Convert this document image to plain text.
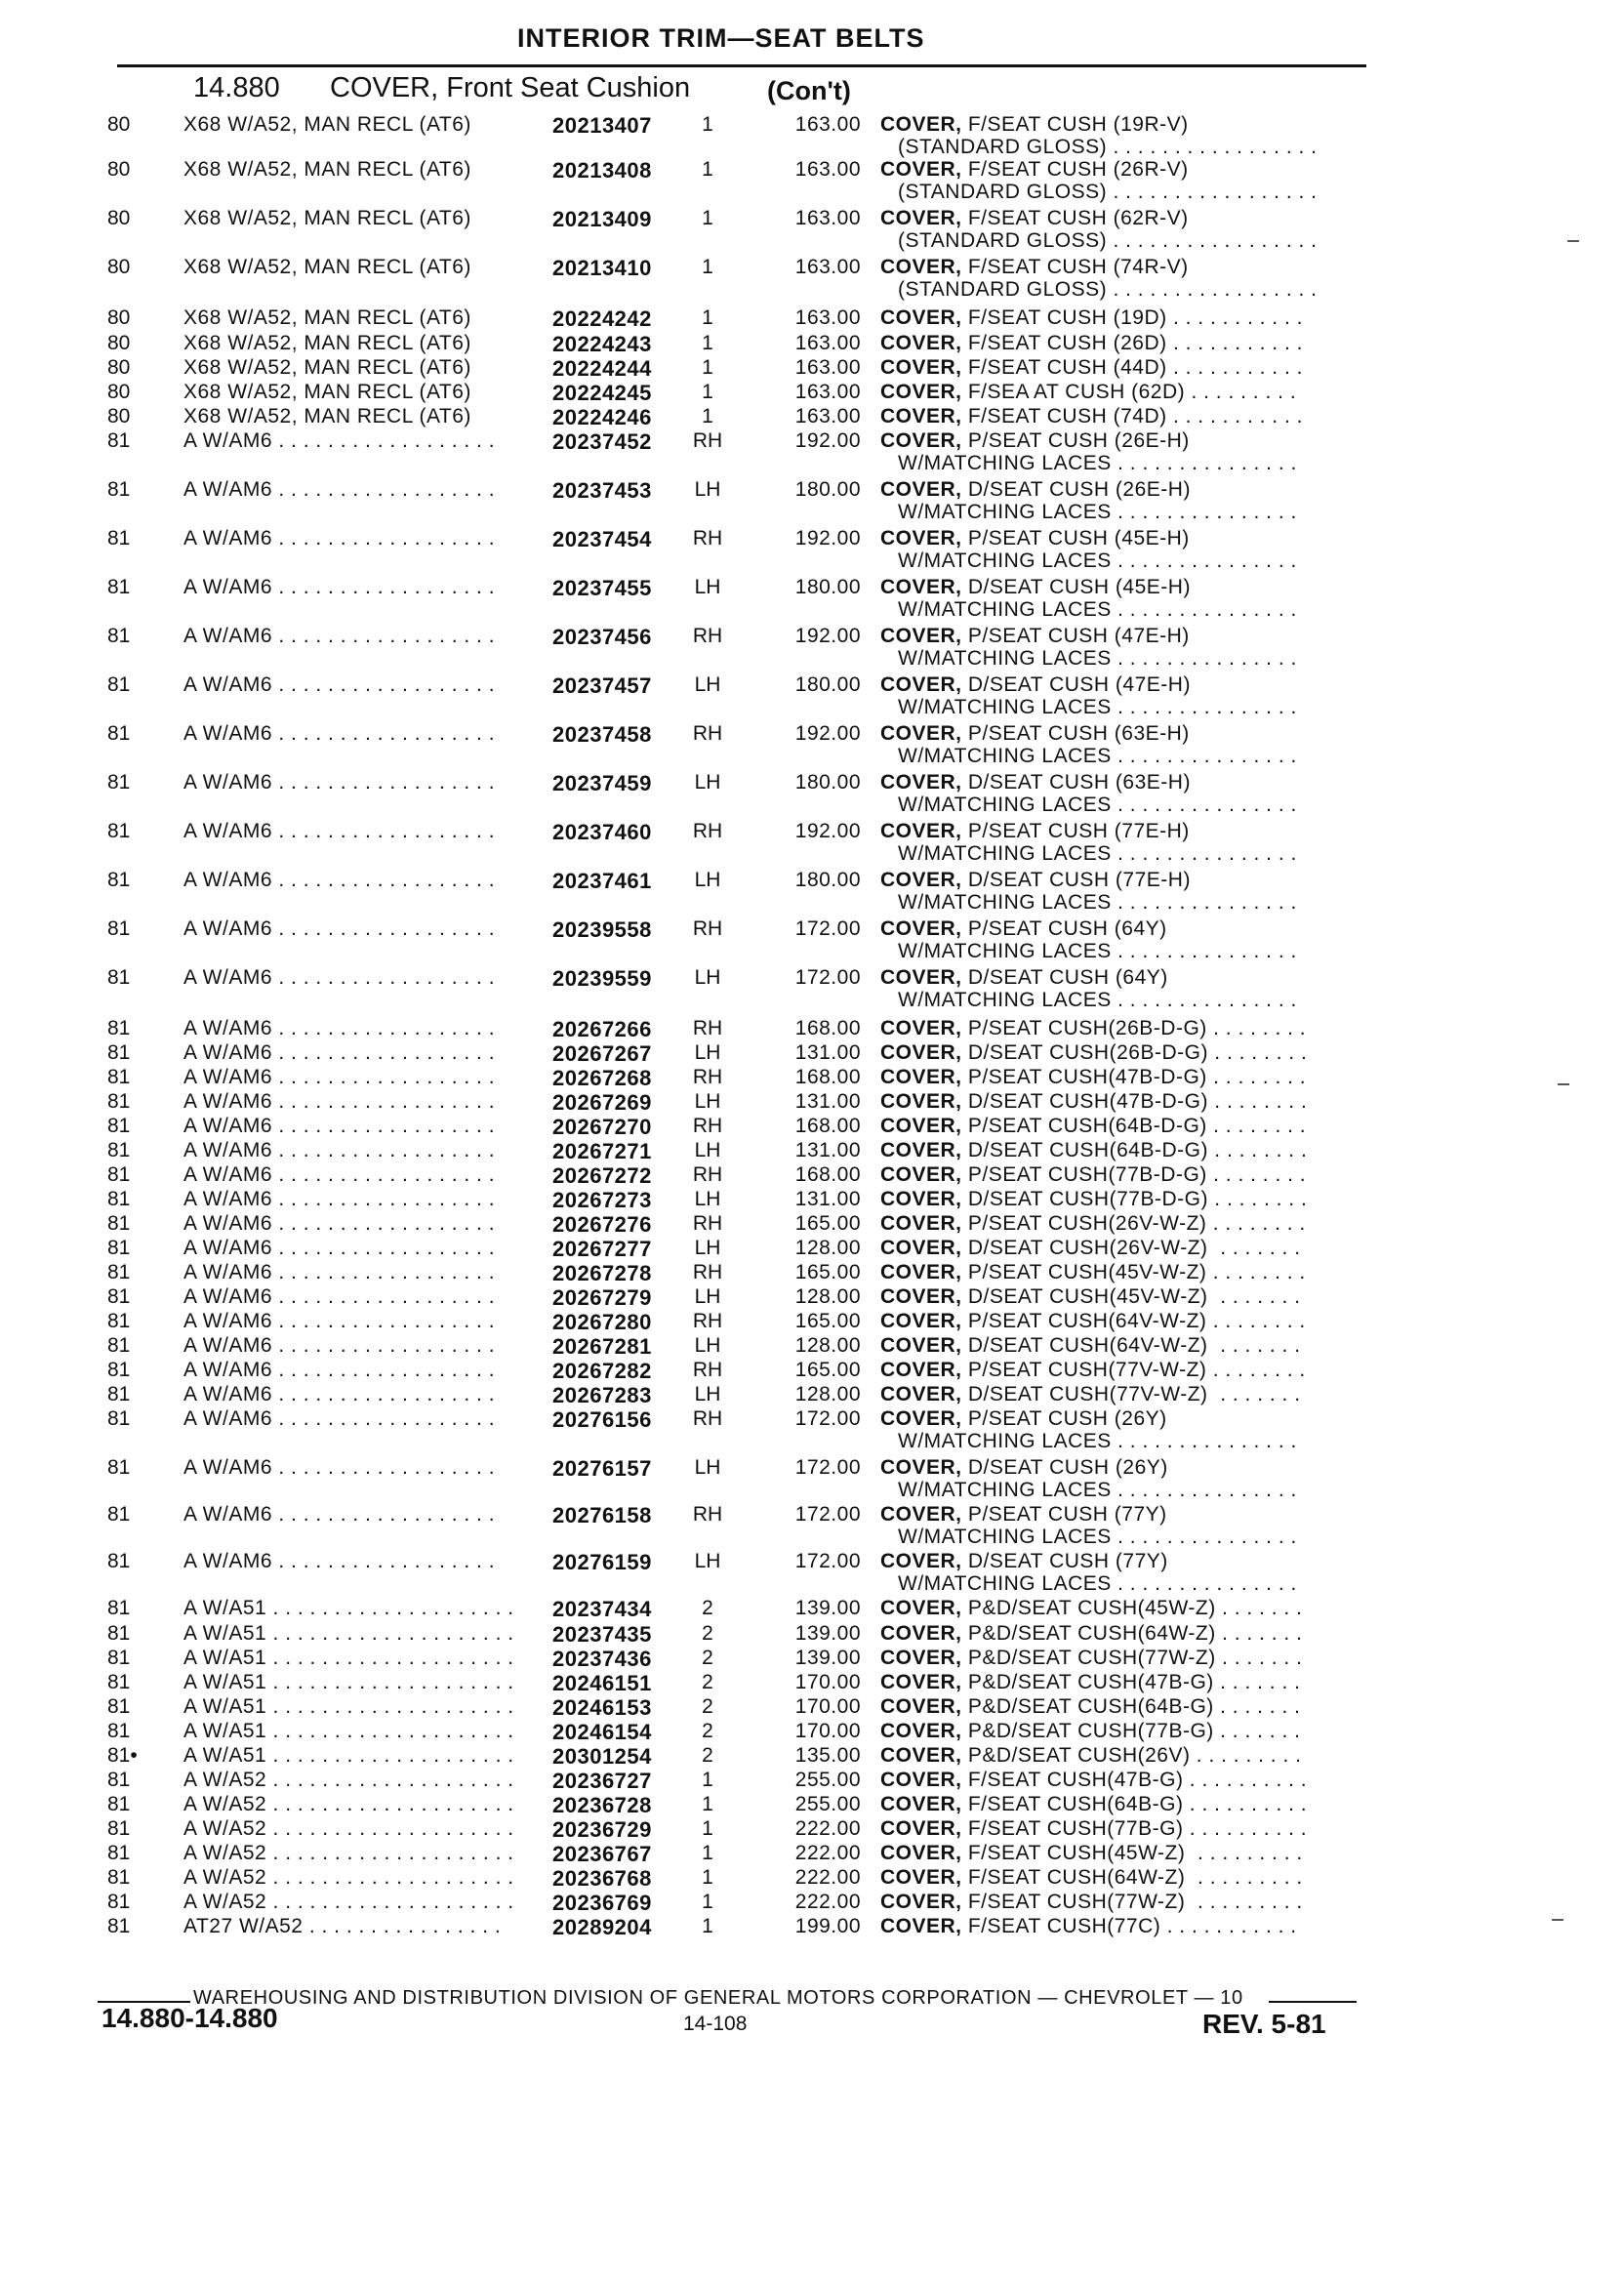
INTERIOR TRIM—SEAT BELTS
14.880 COVER, Front Seat Cushion	(Con't)
80	X68 W/A52, MAN RECL (AT6)	20213407	1	163.00 COVER, F/SEAT CUSH (19R-V)
(STANDARD GLOSS) . . . . . . . . . . . . . . . . .
80	X68 W/A52, MAN RECL (AT6)	20213408	1	163.00 COVER, F/SEAT CUSH (26R-V)
(STANDARD GLOSS) . . . . . . . . . . . . . . . . .
80	X68 W/A52, MAN RECL (AT6)	20213409	1	163.00 COVER, F/SEAT CUSH (62R-V)
(STANDARD GLOSS) . . . . . . . . . . . . . . . . .
80	X68 W/A52, MAN RECL (AT6)	20213410	1	163.00 COVER, F/SEAT CUSH (74R-V)
(STANDARD GLOSS) . . . . . . . . . . . . . . . . .
80	X68 W/A52, MAN RECL (AT6)	20224242	1	163.00 COVER, F/SEAT CUSH (19D) . . . . . . . . . . .
80	X68 W/A52, MAN RECL (AT6)	20224243	1	163.00 COVER, F/SEAT CUSH (26D) . . . . . . . . . . .
80	X68 W/A52, MAN RECL (AT6)	20224244	1	163.00 COVER, F/SEAT CUSH (44D) . . . . . . . . . . .
80	X68 W/A52, MAN RECL (AT6)	20224245	1	163.00 COVER, F/SEA AT CUSH (62D) . . . . . . . . .
80	X68 W/A52, MAN RECL (AT6)	20224246	1	163.00 COVER, F/SEAT CUSH (74D) . . . . . . . . . . .
81	A W/AM6 . . . . . . . . . . . . . . . . . .	20237452	RH	192.00 COVER, P/SEAT CUSH (26E-H)
W/MATCHING LACES . . . . . . . . . . . . . . .
81	A W/AM6 . . . . . . . . . . . . . . . . . .	20237453	LH	180.00 COVER, D/SEAT CUSH (26E-H)
W/MATCHING LACES . . . . . . . . . . . . . . .
81	A W/AM6 . . . . . . . . . . . . . . . . . .	20237454	RH	192.00 COVER, P/SEAT CUSH (45E-H)
W/MATCHING LACES . . . . . . . . . . . . . . .
81	A W/AM6 . . . . . . . . . . . . . . . . . .	20237455	LH	180.00 COVER, D/SEAT CUSH (45E-H)
W/MATCHING LACES . . . . . . . . . . . . . . .
81	A W/AM6 . . . . . . . . . . . . . . . . . .	20237456	RH	192.00 COVER, P/SEAT CUSH (47E-H)
W/MATCHING LACES . . . . . . . . . . . . . . .
81	A W/AM6 . . . . . . . . . . . . . . . . . .	20237457	LH	180.00 COVER, D/SEAT CUSH (47E-H)
W/MATCHING LACES . . . . . . . . . . . . . . .
81	A W/AM6 . . . . . . . . . . . . . . . . . .	20237458	RH	192.00 COVER, P/SEAT CUSH (63E-H)
W/MATCHING LACES . . . . . . . . . . . . . . .
81	A W/AM6 . . . . . . . . . . . . . . . . . .	20237459	LH	180.00 COVER, D/SEAT CUSH (63E-H)
W/MATCHING LACES . . . . . . . . . . . . . . .
81	A W/AM6 . . . . . . . . . . . . . . . . . .	20237460	RH	192.00 COVER, P/SEAT CUSH (77E-H)
W/MATCHING LACES . . . . . . . . . . . . . . .
81	A W/AM6 . . . . . . . . . . . . . . . . . .	20237461	LH	180.00 COVER, D/SEAT CUSH (77E-H)
W/MATCHING LACES . . . . . . . . . . . . . . .
81	A W/AM6 . . . . . . . . . . . . . . . . . .	20239558	RH	172.00 COVER, P/SEAT CUSH (64Y)
W/MATCHING LACES . . . . . . . . . . . . . . .
81	A W/AM6 . . . . . . . . . . . . . . . . . .	20239559	LH	172.00 COVER, D/SEAT CUSH (64Y)
W/MATCHING LACES . . . . . . . . . . . . . . .
81	A W/AM6 . . . . . . . . . . . . . . . . . .	20267266	RH	168.00 COVER, P/SEAT CUSH(26B-D-G) . . . . . . . .
81	A W/AM6 . . . . . . . . . . . . . . . . . .	20267267	LH	131.00 COVER, D/SEAT CUSH(26B-D-G) . . . . . . . .
81	A W/AM6 . . . . . . . . . . . . . . . . . .	20267268	RH	168.00 COVER, P/SEAT CUSH(47B-D-G) . . . . . . . .
81	A W/AM6 . . . . . . . . . . . . . . . . . .	20267269	LH	131.00 COVER, D/SEAT CUSH(47B-D-G) . . . . . . . .
81	A W/AM6 . . . . . . . . . . . . . . . . . .	20267270	RH	168.00 COVER, P/SEAT CUSH(64B-D-G) . . . . . . . .
81	A W/AM6 . . . . . . . . . . . . . . . . . .	20267271	LH	131.00 COVER, D/SEAT CUSH(64B-D-G) . . . . . . . .
81	A W/AM6 . . . . . . . . . . . . . . . . . .	20267272	RH	168.00 COVER, P/SEAT CUSH(77B-D-G) . . . . . . . .
81	A W/AM6 . . . . . . . . . . . . . . . . . .	20267273	LH	131.00 COVER, D/SEAT CUSH(77B-D-G) . . . . . . . .
81	A W/AM6 . . . . . . . . . . . . . . . . . .	20267276	RH	165.00 COVER, P/SEAT CUSH(26V-W-Z) . . . . . . . .
81	A W/AM6 . . . . . . . . . . . . . . . . . .	20267277	LH	128.00 COVER, D/SEAT CUSH(26V-W-Z)  . . . . . . .
81	A W/AM6 . . . . . . . . . . . . . . . . . .	20267278	RH	165.00 COVER, P/SEAT CUSH(45V-W-Z) . . . . . . . .
81	A W/AM6 . . . . . . . . . . . . . . . . . .	20267279	LH	128.00 COVER, D/SEAT CUSH(45V-W-Z)  . . . . . . .
81	A W/AM6 . . . . . . . . . . . . . . . . . .	20267280	RH	165.00 COVER, P/SEAT CUSH(64V-W-Z) . . . . . . . .
81	A W/AM6 . . . . . . . . . . . . . . . . . .	20267281	LH	128.00 COVER, D/SEAT CUSH(64V-W-Z)  . . . . . . .
81	A W/AM6 . . . . . . . . . . . . . . . . . .	20267282	RH	165.00 COVER, P/SEAT CUSH(77V-W-Z) . . . . . . . .
81	A W/AM6 . . . . . . . . . . . . . . . . . .	20267283	LH	128.00 COVER, D/SEAT CUSH(77V-W-Z)  . . . . . . .
81	A W/AM6 . . . . . . . . . . . . . . . . . .	20276156	RH	172.00 COVER, P/SEAT CUSH (26Y)
W/MATCHING LACES . . . . . . . . . . . . . . .
81	A W/AM6 . . . . . . . . . . . . . . . . . .	20276157	LH	172.00 COVER, D/SEAT CUSH (26Y)
W/MATCHING LACES . . . . . . . . . . . . . . .
81	A W/AM6 . . . . . . . . . . . . . . . . . .	20276158	RH	172.00 COVER, P/SEAT CUSH (77Y)
W/MATCHING LACES . . . . . . . . . . . . . . .
81	A W/AM6 . . . . . . . . . . . . . . . . . .	20276159	LH	172.00 COVER, D/SEAT CUSH (77Y)
W/MATCHING LACES . . . . . . . . . . . . . . .
81	A W/A51 . . . . . . . . . . . . . . . . . . . .	20237434	2	139.00 COVER, P&D/SEAT CUSH(45W-Z) . . . . . . .
81	A W/A51 . . . . . . . . . . . . . . . . . . . .	20237435	2	139.00 COVER, P&D/SEAT CUSH(64W-Z) . . . . . . .
81	A W/A51 . . . . . . . . . . . . . . . . . . . .	20237436	2	139.00 COVER, P&D/SEAT CUSH(77W-Z) . . . . . . .
81	A W/A51 . . . . . . . . . . . . . . . . . . . .	20246151	2	170.00 COVER, P&D/SEAT CUSH(47B-G) . . . . . . .
81	A W/A51 . . . . . . . . . . . . . . . . . . . .	20246153	2	170.00 COVER, P&D/SEAT CUSH(64B-G) . . . . . . .
81	A W/A51 . . . . . . . . . . . . . . . . . . . .	20246154	2	170.00 COVER, P&D/SEAT CUSH(77B-G) . . . . . . .
81•	A W/A51 . . . . . . . . . . . . . . . . . . . .	20301254	2	135.00 COVER, P&D/SEAT CUSH(26V) . . . . . . . . .
81	A W/A52 . . . . . . . . . . . . . . . . . . . .	20236727	1	255.00 COVER, F/SEAT CUSH(47B-G) . . . . . . . . . .
81	A W/A52 . . . . . . . . . . . . . . . . . . . .	20236728	1	255.00 COVER, F/SEAT CUSH(64B-G) . . . . . . . . . .
81	A W/A52 . . . . . . . . . . . . . . . . . . . .	20236729	1	222.00 COVER, F/SEAT CUSH(77B-G) . . . . . . . . . .
81	A W/A52 . . . . . . . . . . . . . . . . . . . .	20236767	1	222.00 COVER, F/SEAT CUSH(45W-Z)  . . . . . . . . .
81	A W/A52 . . . . . . . . . . . . . . . . . . . .	20236768	1	222.00 COVER, F/SEAT CUSH(64W-Z)  . . . . . . . . .
81	A W/A52 . . . . . . . . . . . . . . . . . . . .	20236769	1	222.00 COVER, F/SEAT CUSH(77W-Z)  . . . . . . . . .
81	AT27 W/A52 . . . . . . . . . . . . . . . .	20289204	1	199.00 COVER, F/SEAT CUSH(77C) . . . . . . . . . . .
WAREHOUSING AND DISTRIBUTION DIVISION OF GENERAL MOTORS CORPORATION — CHEVROLET — 10
14.880-14.880	14-108	REV. 5-81
